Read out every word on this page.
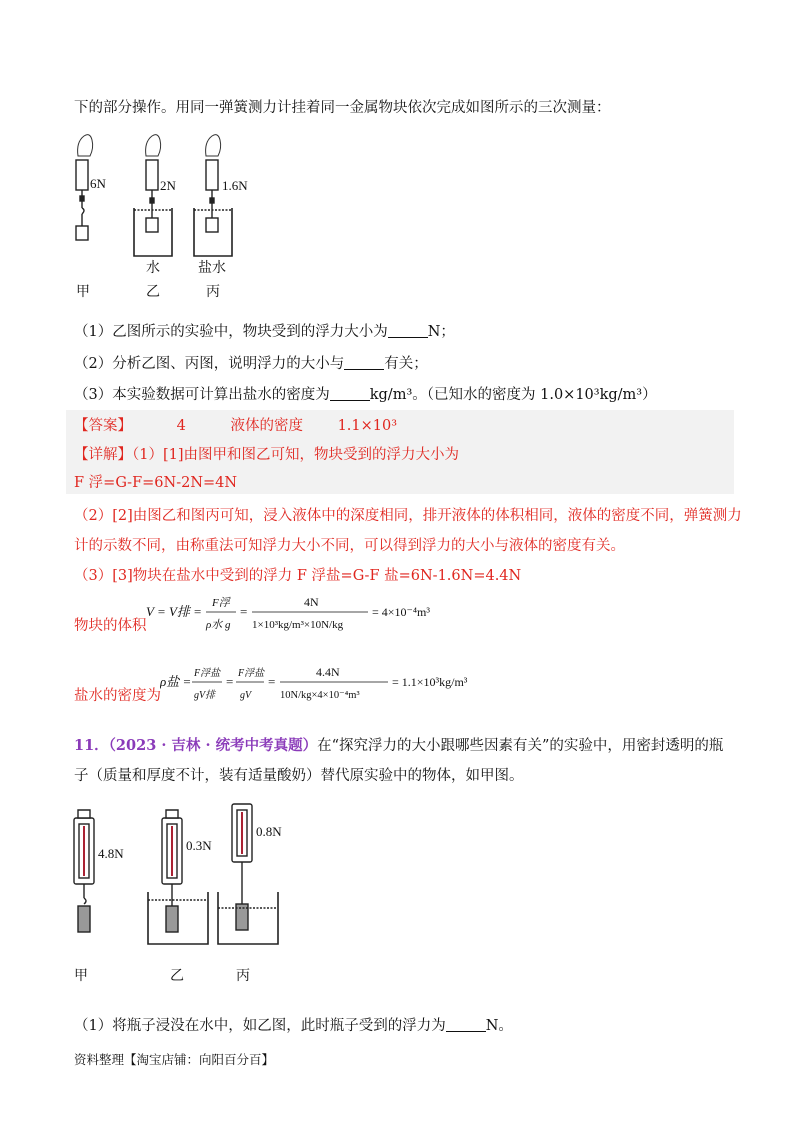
下的部分操作。用同一弹簧测力计挂着同一金属物块依次完成如图所示的三次测量：
6N	2N	1.6N
水	盐水
甲	乙	丙
（1）乙图所示的实验中，物块受到的浮力大小为	N；
（2）分析乙图、丙图，说明浮力的大小与	有关；
（3）本实验数据可计算出盐水的密度为	kg/m³。（已知水的密度为 1.0×10³kg/m³）
【答案】	4	液体的密度 1.1×10³
【详解】（1）[1]由图甲和图乙可知，物块受到的浮力大小为
F 浮=G-F=6N-2N=4N
（2）[2]由图乙和图丙可知，浸入液体中的深度相同，排开液体的体积相同，液体的密度不同，弹簧测力
计的示数不同，由称重法可知浮力大小不同，可以得到浮力的大小与液体的密度有关。
（3）[3]物块在盐水中受到的浮力 F 浮盐=G-F 盐=6N-1.6N=4.4N
物块的体积
V = V排 =
F浮
ρ水 g
=
4N
1×10³kg/m³×10N/kg
= 4×10⁻⁴m³
盐水的密度为
ρ盐 =
F浮盐
gV排
=
F浮盐
gV
=
4.4N
10N/kg×4×10⁻⁴m³
= 1.1×10³kg/m³
11．（2023 · 吉林 · 统考中考真题）在“探究浮力的大小跟哪些因素有关”的实验中，用密封透明的瓶
子（质量和厚度不计，装有适量酸奶）替代原实验中的物体，如甲图。
4.8N
0.3N
0.8N
甲	乙	丙
（1）将瓶子浸没在水中，如乙图，此时瓶子受到的浮力为	N。
资料整理【淘宝店铺：向阳百分百】
